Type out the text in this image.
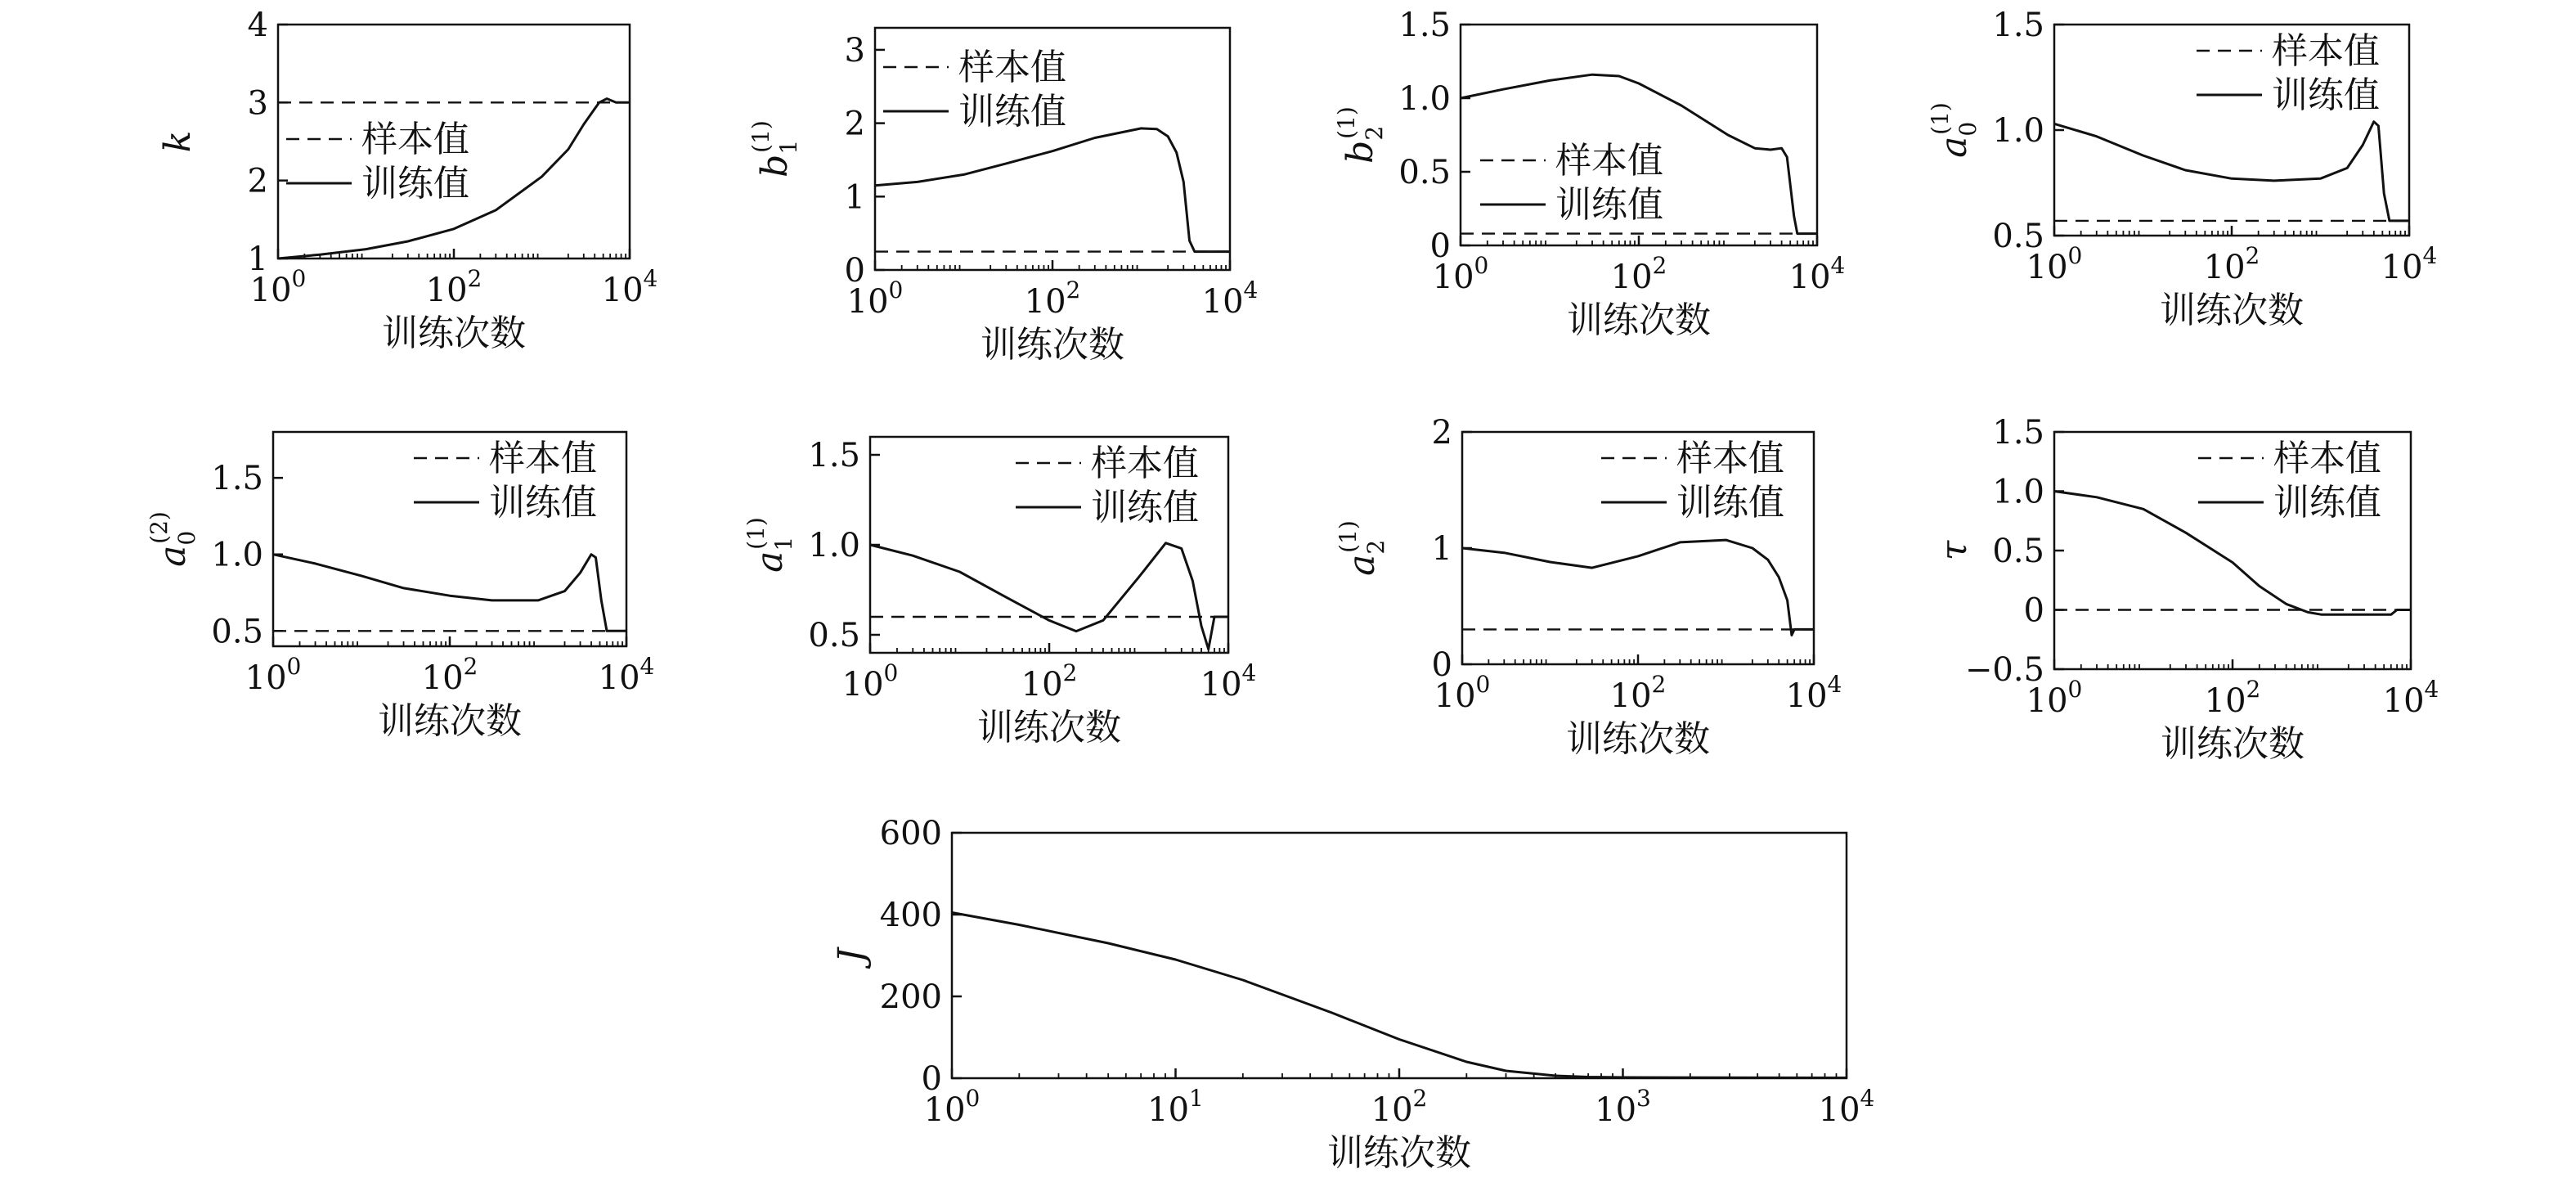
$10^0$	$10^2$	$10^4$
1
2
3
4
k
训练次数
样本值
训练值
$10^0$	$10^2$	$10^4$
0
1
2
3
$b_1(1)$
训练次数
样本值
训练值
$10^0$	$10^2$	$10^4$
0
0.5
1.0
1.5
$b_2(1)$
训练次数
样本值
训练值
$10^0$	$10^2$	$10^4$
0.5
1.0
1.5
$a_0(1)$
训练次数
样本值
训练值
$10^0$	$10^2$	$10^4$
0.5
1.0
1.5
$a_0(2)$
训练次数
样本值
训练值
$10^0$	$10^2$	$10^4$
0.5
1.0
1.5
$a_1(1)$
训练次数
样本值
训练值
$10^0$	$10^2$	$10^4$
0
1
2
$a_2(1)$
训练次数
样本值
训练值
$10^0$	$10^2$	$10^4$
−0.5
0
0.5
1.0
1.5
τ
训练次数
样本值
训练值
$10^0$	$10^1$	$10^2$	$10^3$	$10^4$
0
200
400
600
J
训练次数
